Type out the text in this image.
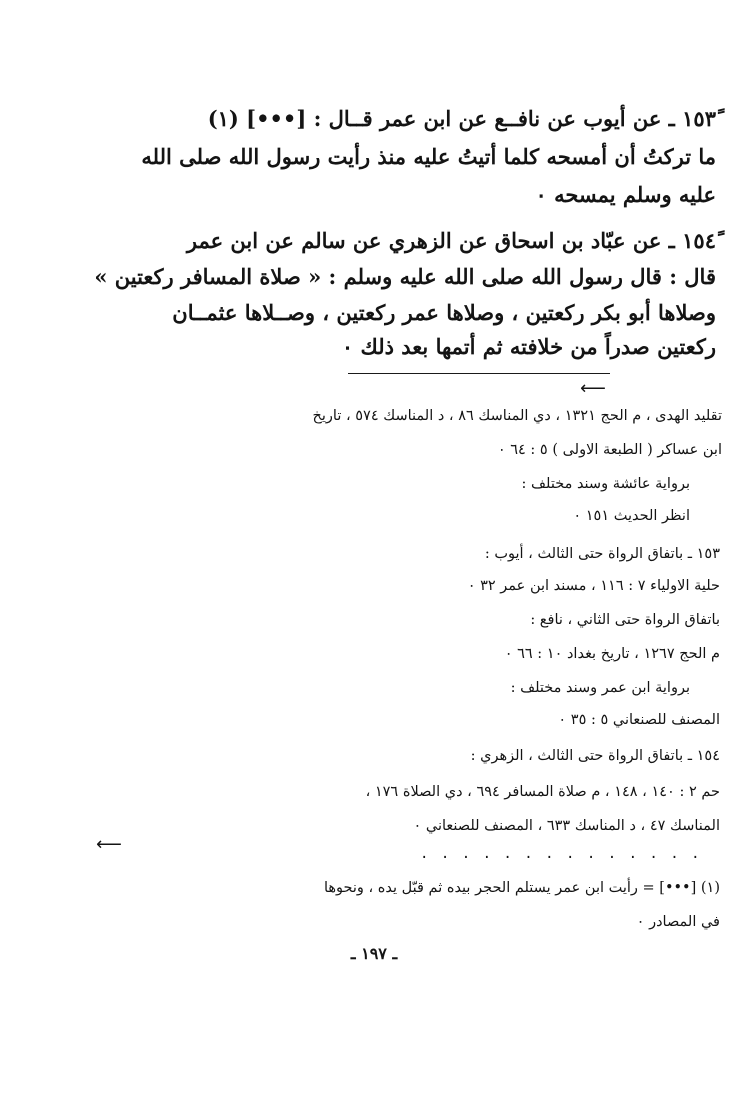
١٥٣ً ـ عن أيوب عن نافــع عن ابن عمر قــال : [•••] (١)
ما تركتُ أن أمسحه كلما أتيتُ عليه منذ رأيت رسول الله صلى الله
عليه وسلم يمسحه ٠
١٥٤ً ـ عن عبّاد بن اسحاق عن الزهري عن سالم عن ابن عمر
قال : قال رسول الله صلى الله عليه وسلم : « صلاة المسافر ركعتين »
وصلاها أبو بكر ركعتين ، وصلاها عمر ركعتين ، وصــلاها عثمــان
ركعتين صدراً من خلافته ثم أتمها بعد ذلك ٠
⟵
تقليد الهدى ، م الحج ١٣٢١ ، دي المناسك ٨٦ ، د المناسك ٥٧٤ ، تاريخ
ابن عساكر ( الطبعة الاولى ) ٥ : ٦٤ ٠
برواية عائشة وسند مختلف :
انظر الحديث ١٥١ ٠
١٥٣ ـ باتفاق الرواة حتى الثالث ، أيوب :
حلية الاولياء ٧ : ١١٦ ، مسند ابن عمر ٣٢ ٠
باتفاق الرواة حتى الثاني ، نافع :
م الحج ١٢٦٧ ، تاريخ بغداد ١٠ : ٦٦ ٠
برواية ابن عمر وسند مختلف :
المصنف للصنعاني ٥ : ٣٥ ٠
١٥٤ ـ باتفاق الرواة حتى الثالث ، الزهري :
حم ٢ : ١٤٠ ، ١٤٨ ، م صلاة المسافر ٦٩٤ ، دي الصلاة ١٧٦ ،
المناسك ٤٧ ، د المناسك ٦٣٣ ، المصنف للصنعاني ٠
⟵	. . . . . . . . . . . . . .
(١) [•••] = رأيت ابن عمر يستلم الحجر بيده ثم قبّل يده ، ونحوها
في المصادر ٠
ـ ١٩٧ ـ
